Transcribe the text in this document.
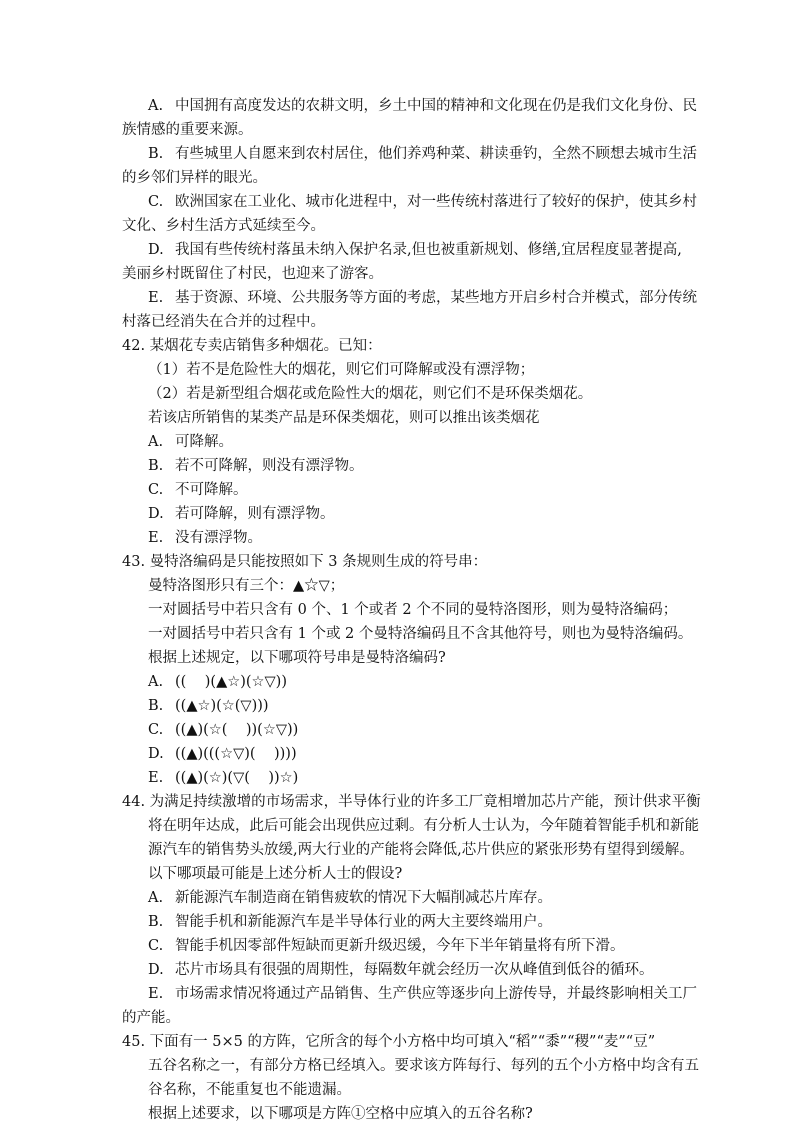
A. 中国拥有高度发达的农耕文明，乡土中国的精神和文化现在仍是我们文化身份、民
族情感的重要来源。
B. 有些城里人自愿来到农村居住，他们养鸡种菜、耕读垂钓，全然不顾想去城市生活
的乡邻们异样的眼光。
C. 欧洲国家在工业化、城市化进程中，对一些传统村落进行了较好的保护，使其乡村
文化、乡村生活方式延续至今。
D. 我国有些传统村落虽未纳入保护名录,但也被重新规划、修缮,宜居程度显著提高,
美丽乡村既留住了村民，也迎来了游客。
E. 基于资源、环境、公共服务等方面的考虑，某些地方开启乡村合并模式，部分传统
村落已经消失在合并的过程中。
42. 某烟花专卖店销售多种烟花。已知：
（1）若不是危险性大的烟花，则它们可降解或没有漂浮物；
（2）若是新型组合烟花或危险性大的烟花，则它们不是环保类烟花。
若该店所销售的某类产品是环保类烟花，则可以推出该类烟花
A. 可降解。
B. 若不可降解，则没有漂浮物。
C. 不可降解。
D. 若可降解，则有漂浮物。
E. 没有漂浮物。
43. 曼特洛编码是只能按照如下 3 条规则生成的符号串：
曼特洛图形只有三个：▲☆▽；
一对圆括号中若只含有 0 个、1 个或者 2 个不同的曼特洛图形，则为曼特洛编码；
一对圆括号中若只含有 1 个或 2 个曼特洛编码且不含其他符号，则也为曼特洛编码。
根据上述规定，以下哪项符号串是曼特洛编码?
A. ((    )(▲☆)(☆▽))
B. ((▲☆)(☆(▽)))
C. ((▲)(☆(    ))(☆▽))
D. ((▲)(((☆▽)(    ))))
E. ((▲)(☆)(▽(    ))☆)
44. 为满足持续激增的市场需求，半导体行业的许多工厂竟相增加芯片产能，预计供求平衡
将在明年达成，此后可能会出现供应过剩。有分析人士认为，今年随着智能手机和新能
源汽车的销售势头放缓,两大行业的产能将会降低,芯片供应的紧张形势有望得到缓解。
以下哪项最可能是上述分析人士的假设?
A. 新能源汽车制造商在销售疲软的情况下大幅削减芯片库存。
B. 智能手机和新能源汽车是半导体行业的两大主要终端用户。
C. 智能手机因零部件短缺而更新升级迟缓，今年下半年销量将有所下滑。
D. 芯片市场具有很强的周期性，每隔数年就会经历一次从峰值到低谷的循环。
E. 市场需求情况将通过产品销售、生产供应等逐步向上游传导，并最终影响相关工厂
的产能。
45. 下面有一 5×5 的方阵，它所含的每个小方格中均可填入“稻”“黍”“稷”“麦”“豆”
五谷名称之一，有部分方格已经填入。要求该方阵每行、每列的五个小方格中均含有五
谷名称，不能重复也不能遗漏。
根据上述要求，以下哪项是方阵①空格中应填入的五谷名称?
